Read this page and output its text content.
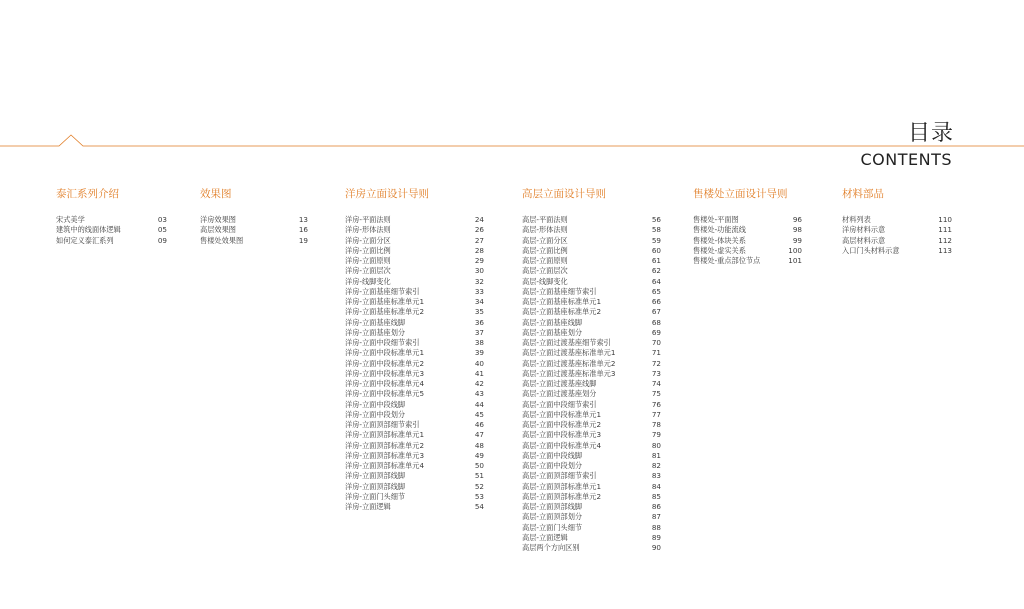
目录
CONTENTS
泰汇系列介绍
宋式美学	03
建筑中的线面体逻辑	05
如何定义泰汇系列	09
效果图
洋房效果图	13
高层效果图	16
售楼处效果图	19
洋房立面设计导则
洋房-平面法则	24
洋房-形体法则	26
洋房-立面分区	27
洋房-立面比例	28
洋房-立面原则	29
洋房-立面层次	30
洋房-线脚变化	32
洋房-立面基座细节索引	33
洋房-立面基座标准单元1	34
洋房-立面基座标准单元2	35
洋房-立面基座线脚	36
洋房-立面基座划分	37
洋房-立面中段细节索引	38
洋房-立面中段标准单元1	39
洋房-立面中段标准单元2	40
洋房-立面中段标准单元3	41
洋房-立面中段标准单元4	42
洋房-立面中段标准单元5	43
洋房-立面中段线脚	44
洋房-立面中段划分	45
洋房-立面顶部细节索引	46
洋房-立面顶部标准单元1	47
洋房-立面顶部标准单元2	48
洋房-立面顶部标准单元3	49
洋房-立面顶部标准单元4	50
洋房-立面顶部线脚	51
洋房-立面顶部线脚	52
洋房-立面门头细节	53
洋房-立面逻辑	54
高层立面设计导则
高层-平面法则	56
高层-形体法则	58
高层-立面分区	59
高层-立面比例	60
高层-立面原则	61
高层-立面层次	62
高层-线脚变化	64
高层-立面基座细节索引	65
高层-立面基座标准单元1	66
高层-立面基座标准单元2	67
高层-立面基座线脚	68
高层-立面基座划分	69
高层-立面过渡基座细节索引	70
高层-立面过渡基座标准单元1	71
高层-立面过渡基座标准单元2	72
高层-立面过渡基座标准单元3	73
高层-立面过渡基座线脚	74
高层-立面过渡基座划分	75
高层-立面中段细节索引	76
高层-立面中段标准单元1	77
高层-立面中段标准单元2	78
高层-立面中段标准单元3	79
高层-立面中段标准单元4	80
高层-立面中段线脚	81
高层-立面中段划分	82
高层-立面顶部细节索引	83
高层-立面顶部标准单元1	84
高层-立面顶部标准单元2	85
高层-立面顶部线脚	86
高层-立面顶部划分	87
高层-立面门头细节	88
高层-立面逻辑	89
高层两个方向区别	90
售楼处立面设计导则
售楼处-平面图	96
售楼处-功能流线	98
售楼处-体块关系	99
售楼处-虚实关系	100
售楼处-重点部位节点	101
材料部品
材料列表	110
洋房材料示意	111
高层材料示意	112
入口门头材料示意	113
